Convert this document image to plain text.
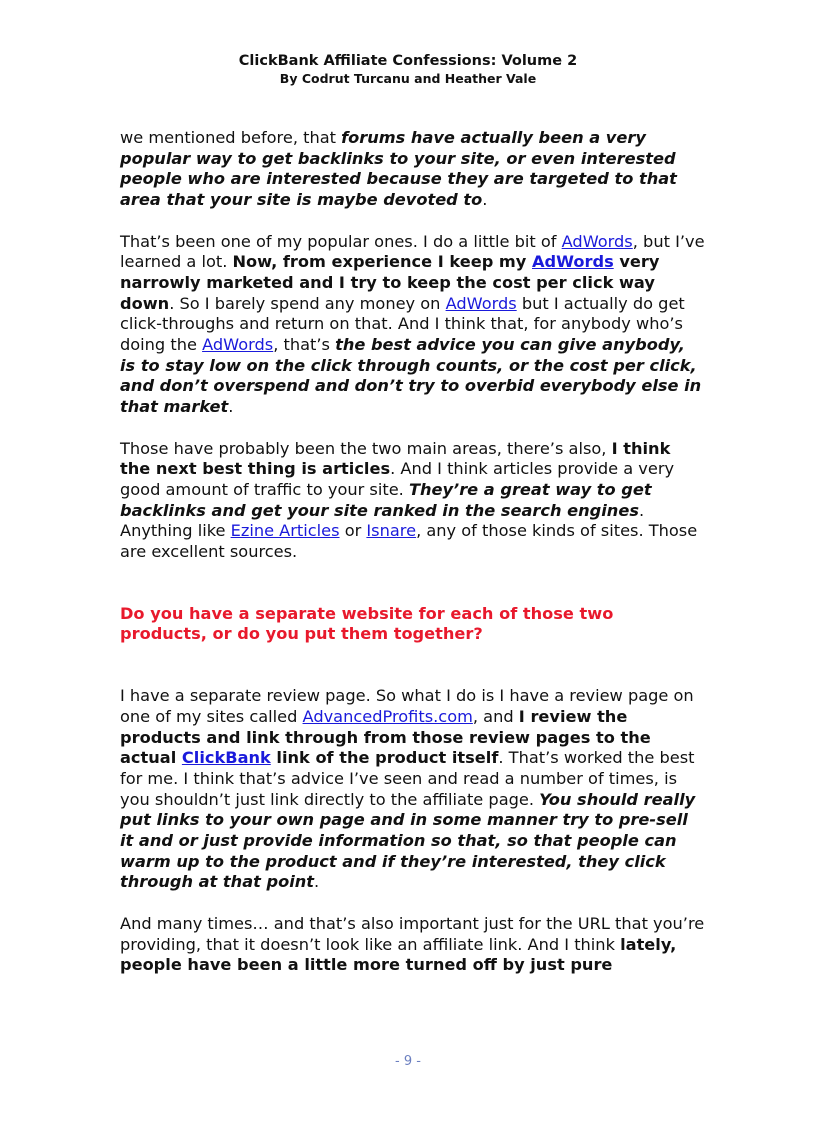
ClickBank Affiliate Confessions: Volume 2
By Codrut Turcanu and Heather Vale

we mentioned before, that forums have actually been a very popular way to get backlinks to your site, or even interested people who are interested because they are targeted to that area that your site is maybe devoted to.

That’s been one of my popular ones. I do a little bit of AdWords, but I’ve learned a lot. Now, from experience I keep my AdWords very narrowly marketed and I try to keep the cost per click way down. So I barely spend any money on AdWords but I actually do get click-throughs and return on that. And I think that, for anybody who’s doing the AdWords, that’s the best advice you can give anybody, is to stay low on the click through counts, or the cost per click, and don’t overspend and don’t try to overbid everybody else in that market.

Those have probably been the two main areas, there’s also, I think the next best thing is articles. And I think articles provide a very good amount of traffic to your site. They’re a great way to get backlinks and get your site ranked in the search engines. Anything like Ezine Articles or Isnare, any of those kinds of sites. Those are excellent sources.

Do you have a separate website for each of those two products, or do you put them together?

I have a separate review page. So what I do is I have a review page on one of my sites called AdvancedProfits.com, and I review the products and link through from those review pages to the actual ClickBank link of the product itself. That’s worked the best for me. I think that’s advice I’ve seen and read a number of times, is you shouldn’t just link directly to the affiliate page. You should really put links to your own page and in some manner try to pre-sell it and or just provide information so that, so that people can warm up to the product and if they’re interested, they click through at that point.

And many times… and that’s also important just for the URL that you’re providing, that it doesn’t look like an affiliate link. And I think lately, people have been a little more turned off by just pure

- 9 -
